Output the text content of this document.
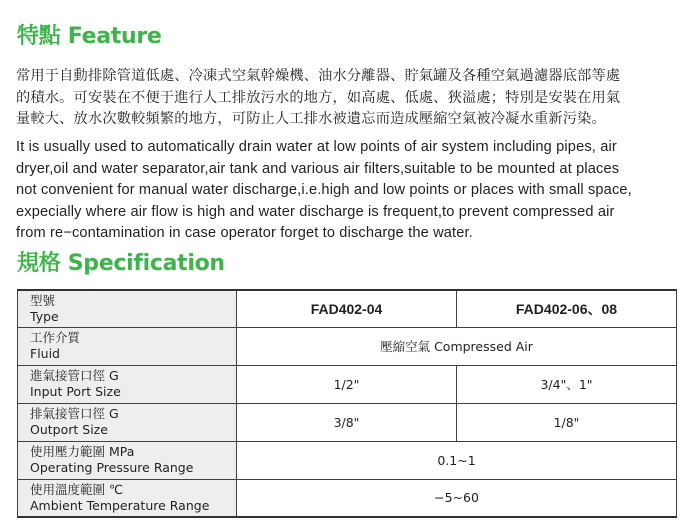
特點 Feature

常用于自動排除管道低處、冷凍式空氣幹燥機、油水分離器、貯氣罐及各種空氣過濾器底部等處
的積水。可安裝在不便于進行人工排放污水的地方，如高處、低處、狹溢處；特別是安裝在用氣
量較大、放水次數較頻繁的地方，可防止人工排水被遺忘而造成壓縮空氣被冷凝水重新污染。

It is usually used to automatically drain water at low points of air system including pipes, air
dryer,oil and water separator,air tank and various air filters,suitable to be mounted at places
not convenient for manual water discharge,i.e.high and low points or places with small space,
expecially where air flow is high and water discharge is frequent,to prevent compressed air
from re−contamination in case operator forget to discharge the water.

規格 Specification
型號
Type	FAD402-04	FAD402-06、08

工作介質
Fluid	壓縮空氣 Compressed Air	

進氣接管口徑 G
Input Port Size	1/2"	3/4"、1"

排氣接管口徑 G
Outport Size	3/8"	1/8"

使用壓力範圍 MPa
Operating Pressure Range	0.1~1	

使用溫度範圍 ℃
Ambient Temperature Range	−5~60	
